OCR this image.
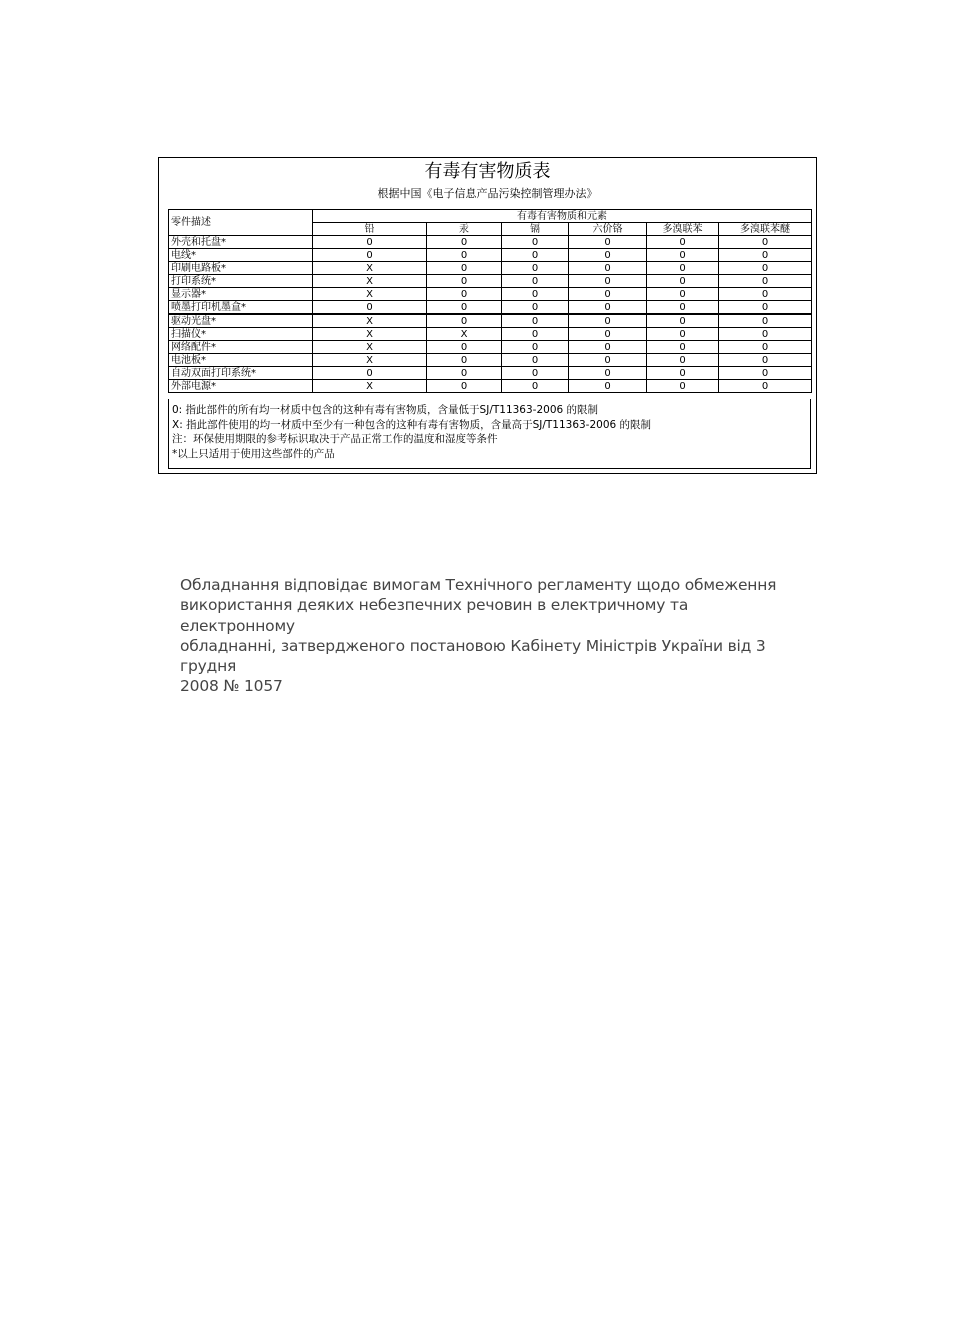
有毒有害物质表
根据中国《电子信息产品污染控制管理办法》
零件描述	有毒有害物质和元素					
	铅	汞	镉	六价铬	多溴联苯	多溴联苯醚
外壳和托盘*	0	0	0	0	0	0
电线*	0	0	0	0	0	0
印刷电路板*	X	0	0	0	0	0
打印系统*	X	0	0	0	0	0
显示器*	X	0	0	0	0	0
喷墨打印机墨盒*	0	0	0	0	0	0
驱动光盘*	X	0	0	0	0	0
扫描仪*	X	X	0	0	0	0
网络配件*	X	0	0	0	0	0
电池板*	X	0	0	0	0	0
自动双面打印系统*	0	0	0	0	0	0
外部电源*	X	0	0	0	0	0
0: 指此部件的所有均一材质中包含的这种有毒有害物质，含量低于SJ/T11363-2006 的限制
X: 指此部件使用的均一材质中至少有一种包含的这种有毒有害物质，含量高于SJ/T11363-2006 的限制
注：环保使用期限的参考标识取决于产品正常工作的温度和湿度等条件
*以上只适用于使用这些部件的产品
Обладнання відповідає вимогам Технічного регламенту щодо обмеження
використання деяких небезпечних речовин в електричному та електронному
обладнанні, затвердженого постановою Кабінету Міністрів України від 3 грудня
2008 № 1057
